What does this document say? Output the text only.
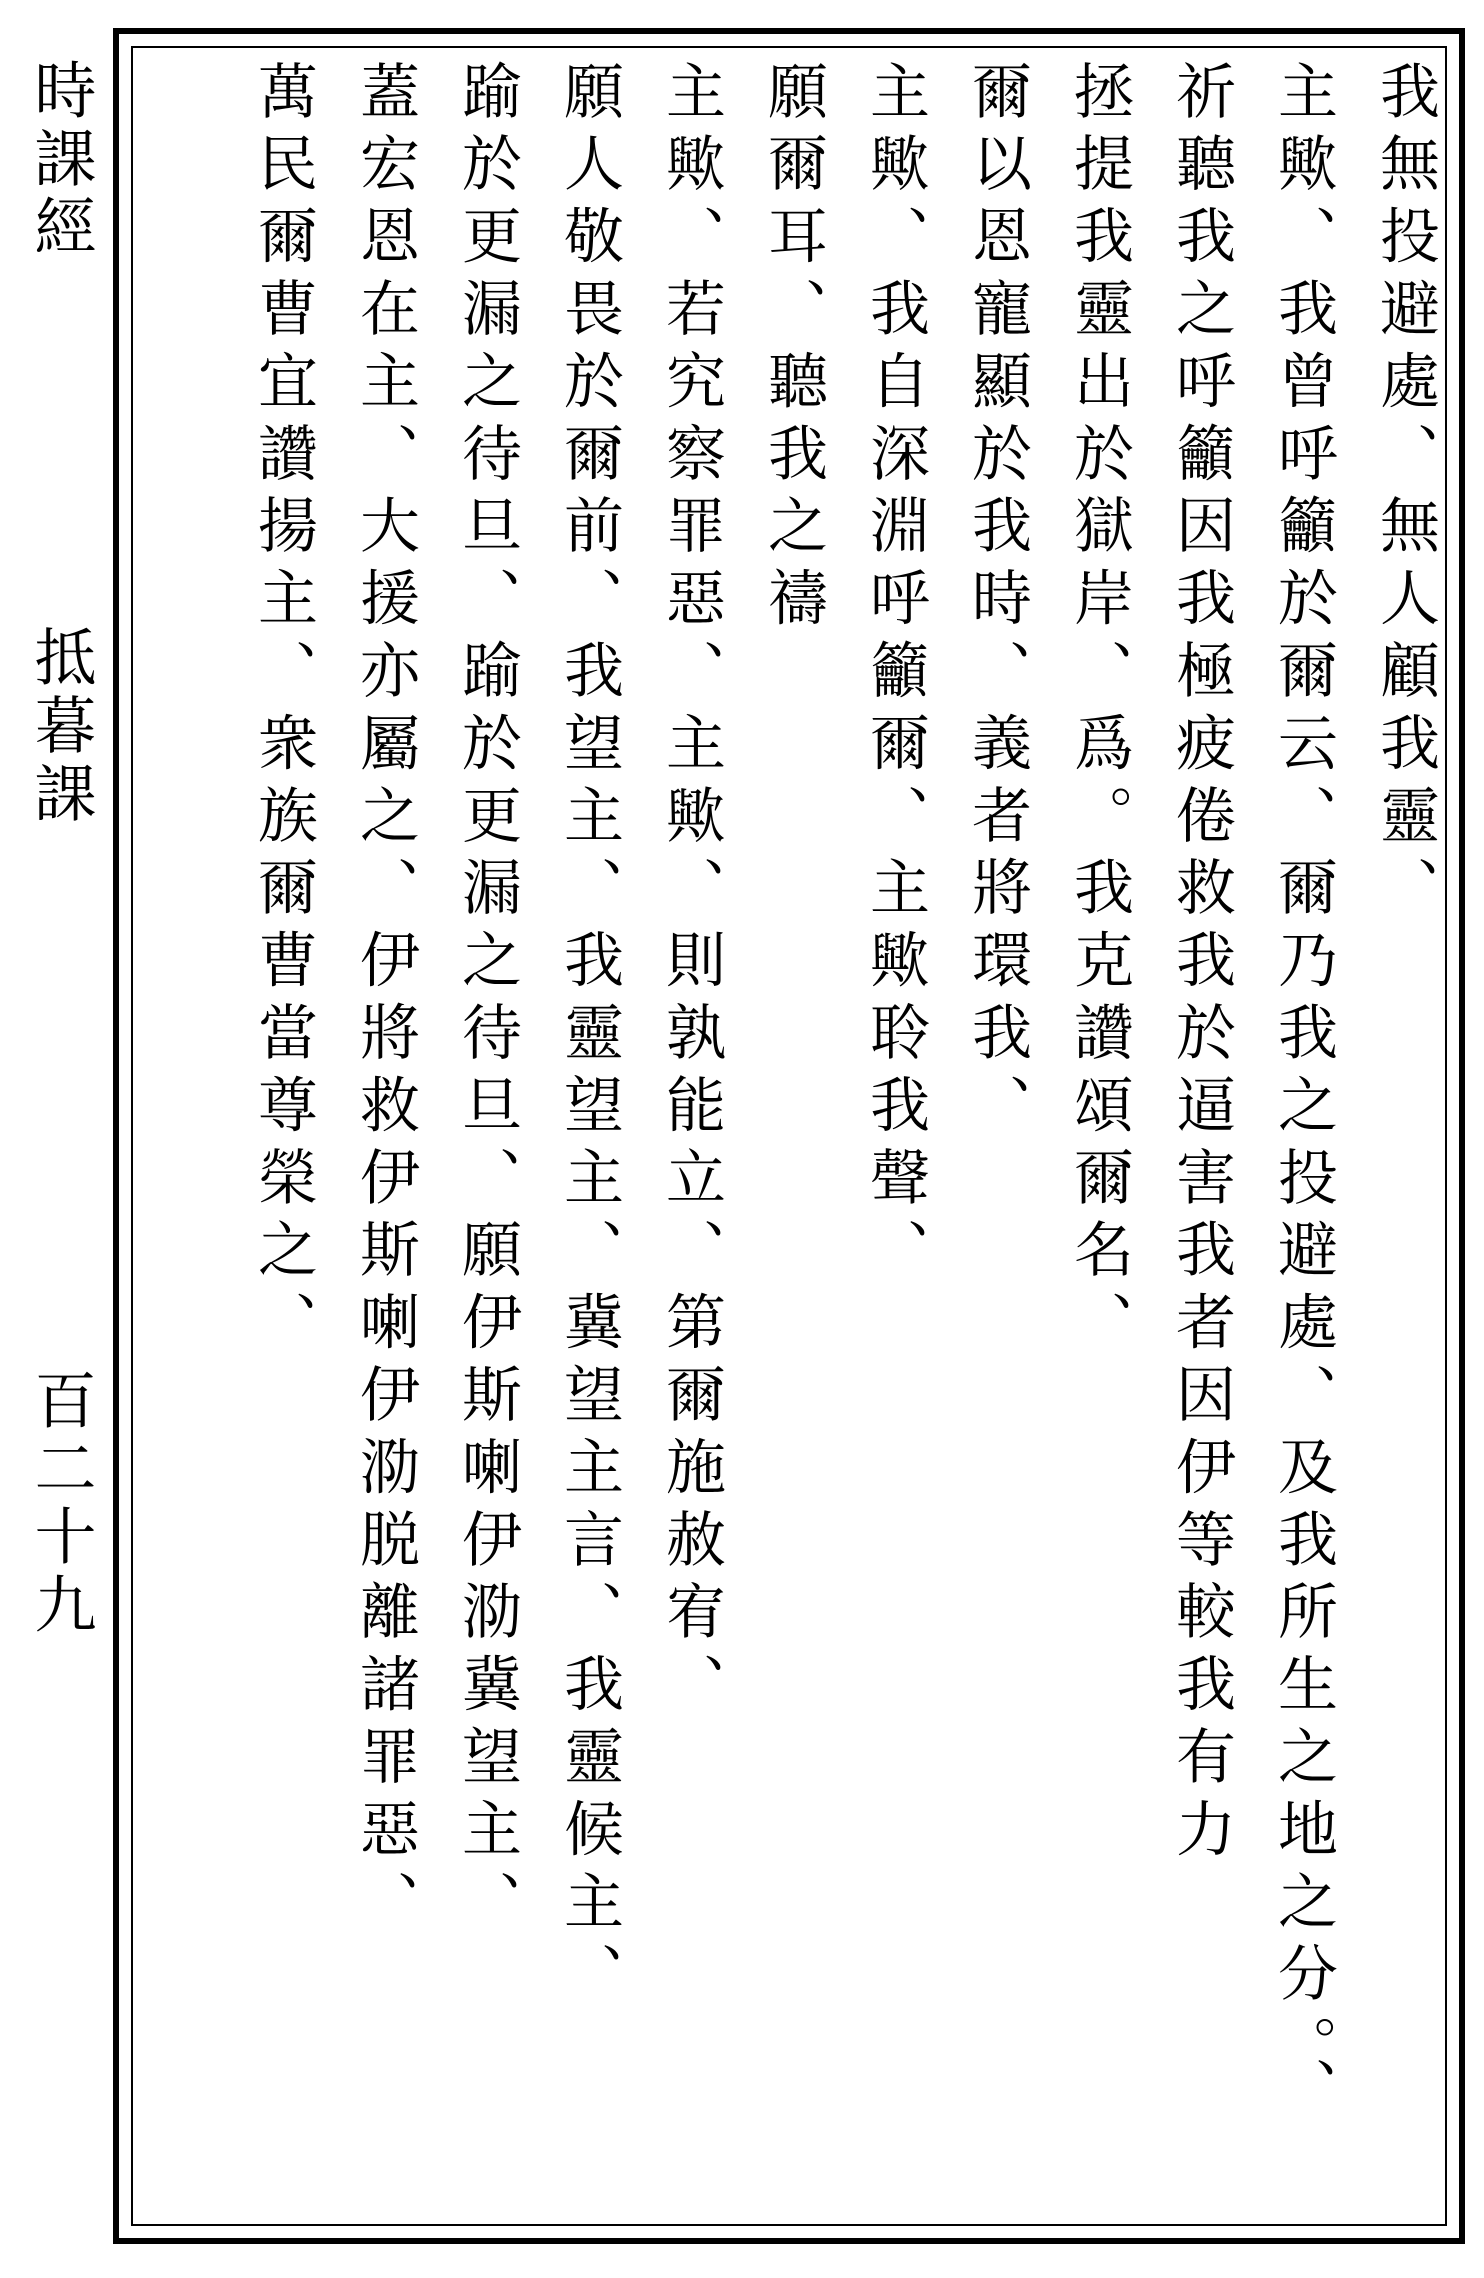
時課經
抵暮課
百二十九

我無投避處、無人顧我靈、

主歟、我曾呼籲於爾云、爾乃我之投避處、及我所生之地之分。、

祈聽我之呼籲因我極疲倦救我於逼害我者因伊等較我有力

拯提我靈出於獄岸、爲。我克讚頌爾名、

爾以恩寵顯於我時、義者將環我、

主歟、我自深淵呼籲爾、主歟聆我聲、

願爾耳、聽我之禱

主歟、若究察罪惡、主歟、則孰能立、第爾施赦宥、

願人敬畏於爾前、我望主、我靈望主、冀望主言、我靈候主、

踰於更漏之待旦、踰於更漏之待旦、願伊斯喇伊泐冀望主、

蓋宏恩在主、大援亦屬之、伊將救伊斯喇伊泐脱離諸罪惡、

萬民爾曹宜讚揚主、衆族爾曹當尊榮之、
